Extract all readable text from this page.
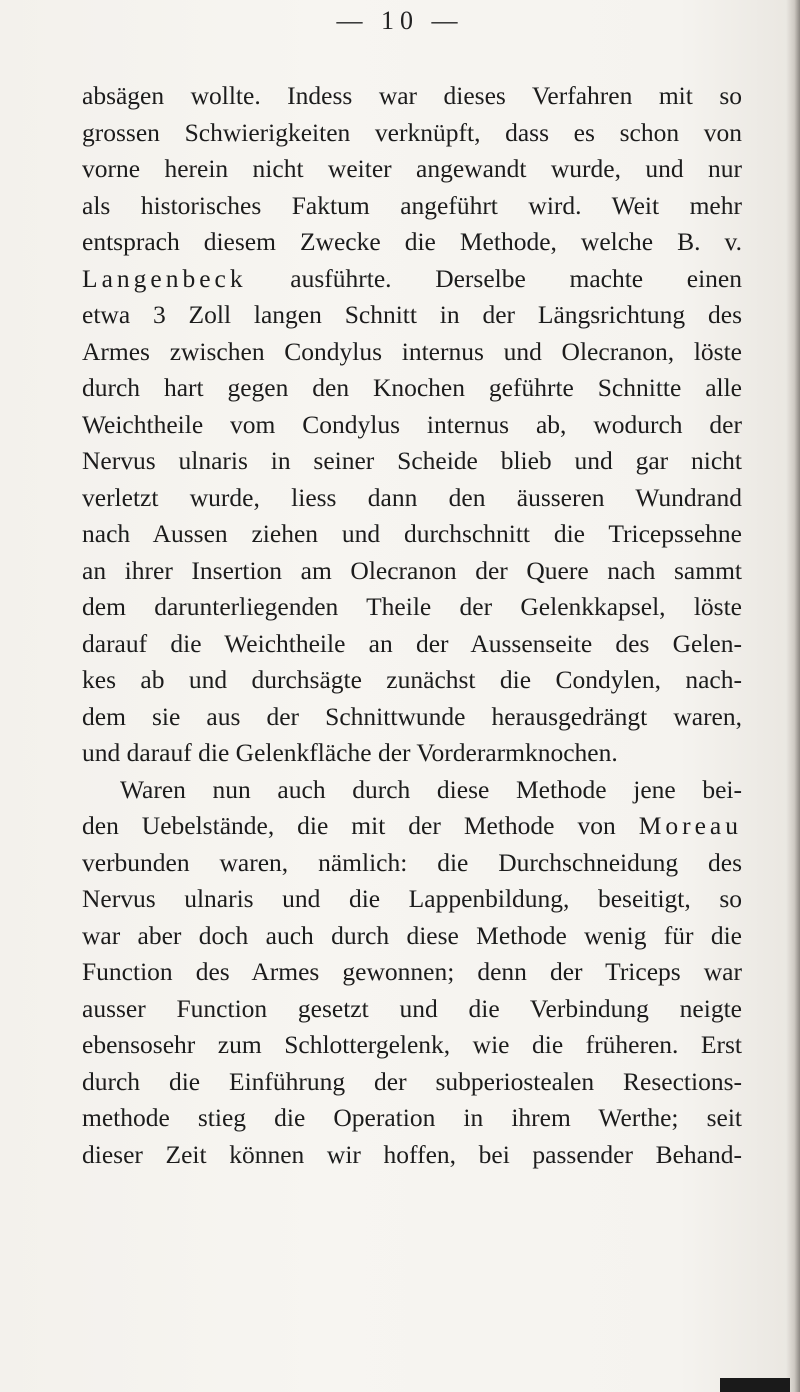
— 10 —
absägen wollte. Indess war dieses Verfahren mit so
grossen Schwierigkeiten verknüpft, dass es schon von
vorne herein nicht weiter angewandt wurde, und nur
als historisches Faktum angeführt wird. Weit mehr
entsprach diesem Zwecke die Methode, welche B. v.
Langenbeck ausführte. Derselbe machte einen
etwa 3 Zoll langen Schnitt in der Längsrichtung des
Armes zwischen Condylus internus und Olecranon, löste
durch hart gegen den Knochen geführte Schnitte alle
Weichtheile vom Condylus internus ab, wodurch der
Nervus ulnaris in seiner Scheide blieb und gar nicht
verletzt wurde, liess dann den äusseren Wundrand
nach Aussen ziehen und durchschnitt die Tricepssehne
an ihrer Insertion am Olecranon der Quere nach sammt
dem darunterliegenden Theile der Gelenkkapsel, löste
darauf die Weichtheile an der Aussenseite des Gelen-
kes ab und durchsägte zunächst die Condylen, nach-
dem sie aus der Schnittwunde herausgedrängt waren,
und darauf die Gelenkfläche der Vorderarmknochen.
Waren nun auch durch diese Methode jene bei-
den Uebelstände, die mit der Methode von Moreau
verbunden waren, nämlich: die Durchschneidung des
Nervus ulnaris und die Lappenbildung, beseitigt, so
war aber doch auch durch diese Methode wenig für die
Function des Armes gewonnen; denn der Triceps war
ausser Function gesetzt und die Verbindung neigte
ebensosehr zum Schlottergelenk, wie die früheren. Erst
durch die Einführung der subperiostealen Resections-
methode stieg die Operation in ihrem Werthe; seit
dieser Zeit können wir hoffen, bei passender Behand-
